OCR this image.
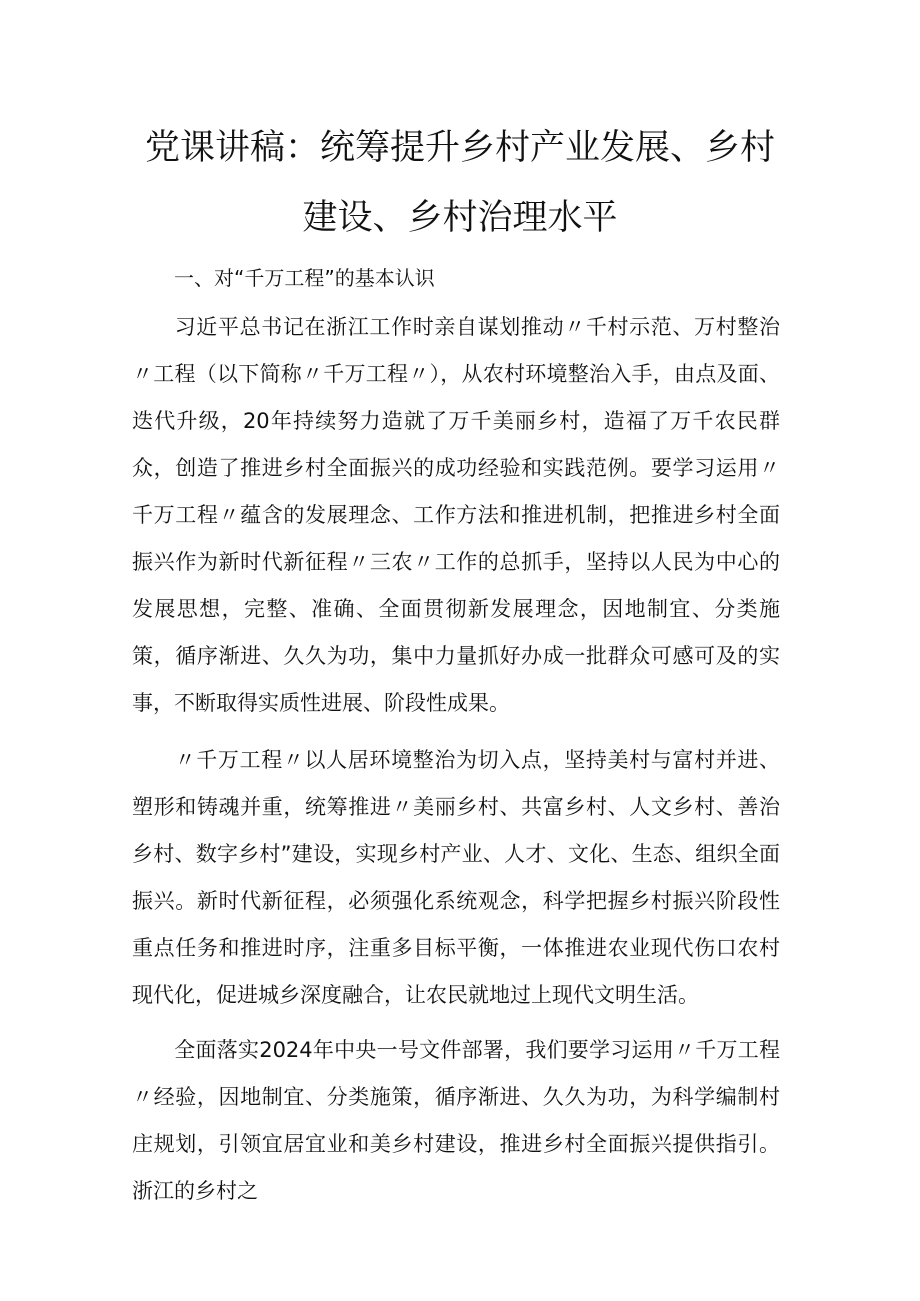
党课讲稿：统筹提升乡村产业发展、乡村
建设、乡村治理水平
一、对“千万工程”的基本认识
习近平总书记在浙江工作时亲自谋划推动〃千村示范、万村整治〃工程（以下简称〃千万工程〃），从农村环境整治入手，由点及面、迭代升级，20年持续努力造就了万千美丽乡村，造福了万千农民群众，创造了推进乡村全面振兴的成功经验和实践范例。要学习运用〃千万工程〃蕴含的发展理念、工作方法和推进机制，把推进乡村全面振兴作为新时代新征程〃三农〃工作的总抓手，坚持以人民为中心的发展思想，完整、准确、全面贯彻新发展理念，因地制宜、分类施策，循序渐进、久久为功，集中力量抓好办成一批群众可感可及的实事，不断取得实质性进展、阶段性成果。
〃千万工程〃以人居环境整治为切入点，坚持美村与富村并进、塑形和铸魂并重，统筹推进〃美丽乡村、共富乡村、人文乡村、善治乡村、数字乡村”建设，实现乡村产业、人才、文化、生态、组织全面振兴。新时代新征程，必须强化系统观念，科学把握乡村振兴阶段性重点任务和推进时序，注重多目标平衡，一体推进农业现代伤口农村现代化，促进城乡深度融合，让农民就地过上现代文明生活。
全面落实2024年中央一号文件部署，我们要学习运用〃千万工程〃经验，因地制宜、分类施策，循序渐进、久久为功，为科学编制村庄规划，引领宜居宜业和美乡村建设，推进乡村全面振兴提供指引。浙江的乡村之
